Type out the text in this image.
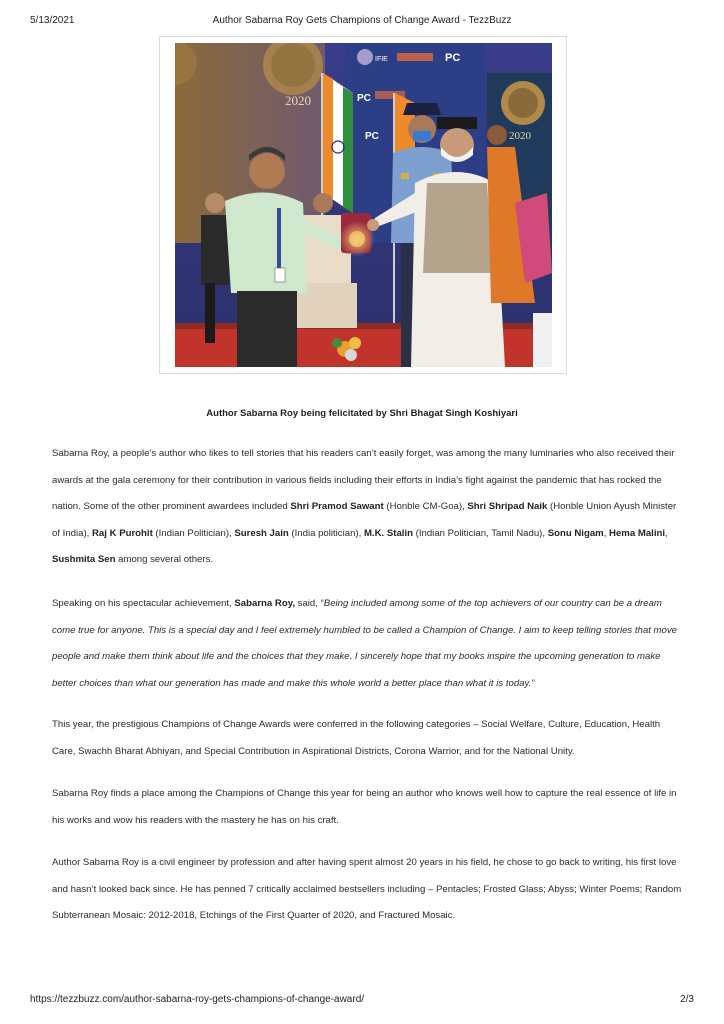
5/13/2021	Author Sabarna Roy Gets Champions of Change Award - TezzBuzz
2020
IFIE	PC
PC
PC	2020
Author Sabarna Roy being felicitated by Shri Bhagat Singh Koshiyari
Sabarna Roy, a people’s author who likes to tell stories that his readers can’t easily forget, was among the many luminaries who also received their awards at the gala ceremony for their contribution in various fields including their efforts in India’s fight against the pandemic that has rocked the nation. Some of the other prominent awardees included Shri Pramod Sawant (Honble CM-Goa), Shri Shripad Naik (Honble Union Ayush Minister of India), Raj K Purohit (Indian Politician), Suresh Jain (India politician), M.K. Stalin (Indian Politician, Tamil Nadu), Sonu Nigam, Hema Malini, Sushmita Sen among several others.
Speaking on his spectacular achievement, Sabarna Roy, said, “Being included among some of the top achievers of our country can be a dream come true for anyone. This is a special day and I feel extremely humbled to be called a Champion of Change. I aim to keep telling stories that move people and make them think about life and the choices that they make. I sincerely hope that my books inspire the upcoming generation to make better choices than what our generation has made and make this whole world a better place than what it is today.”
This year, the prestigious Champions of Change Awards were conferred in the following categories – Social Welfare, Culture, Education, Health Care, Swachh Bharat Abhiyan, and Special Contribution in Aspirational Districts, Corona Warrior, and for the National Unity.
Sabarna Roy finds a place among the Champions of Change this year for being an author who knows well how to capture the real essence of life in his works and wow his readers with the mastery he has on his craft.
Author Sabarna Roy is a civil engineer by profession and after having spent almost 20 years in his field, he chose to go back to writing, his first love and hasn’t looked back since. He has penned 7 critically acclaimed bestsellers including – Pentacles; Frosted Glass; Abyss; Winter Poems; Random Subterranean Mosaic: 2012-2018, Etchings of the First Quarter of 2020, and Fractured Mosaic.
https://tezzbuzz.com/author-sabarna-roy-gets-champions-of-change-award/	2/3
